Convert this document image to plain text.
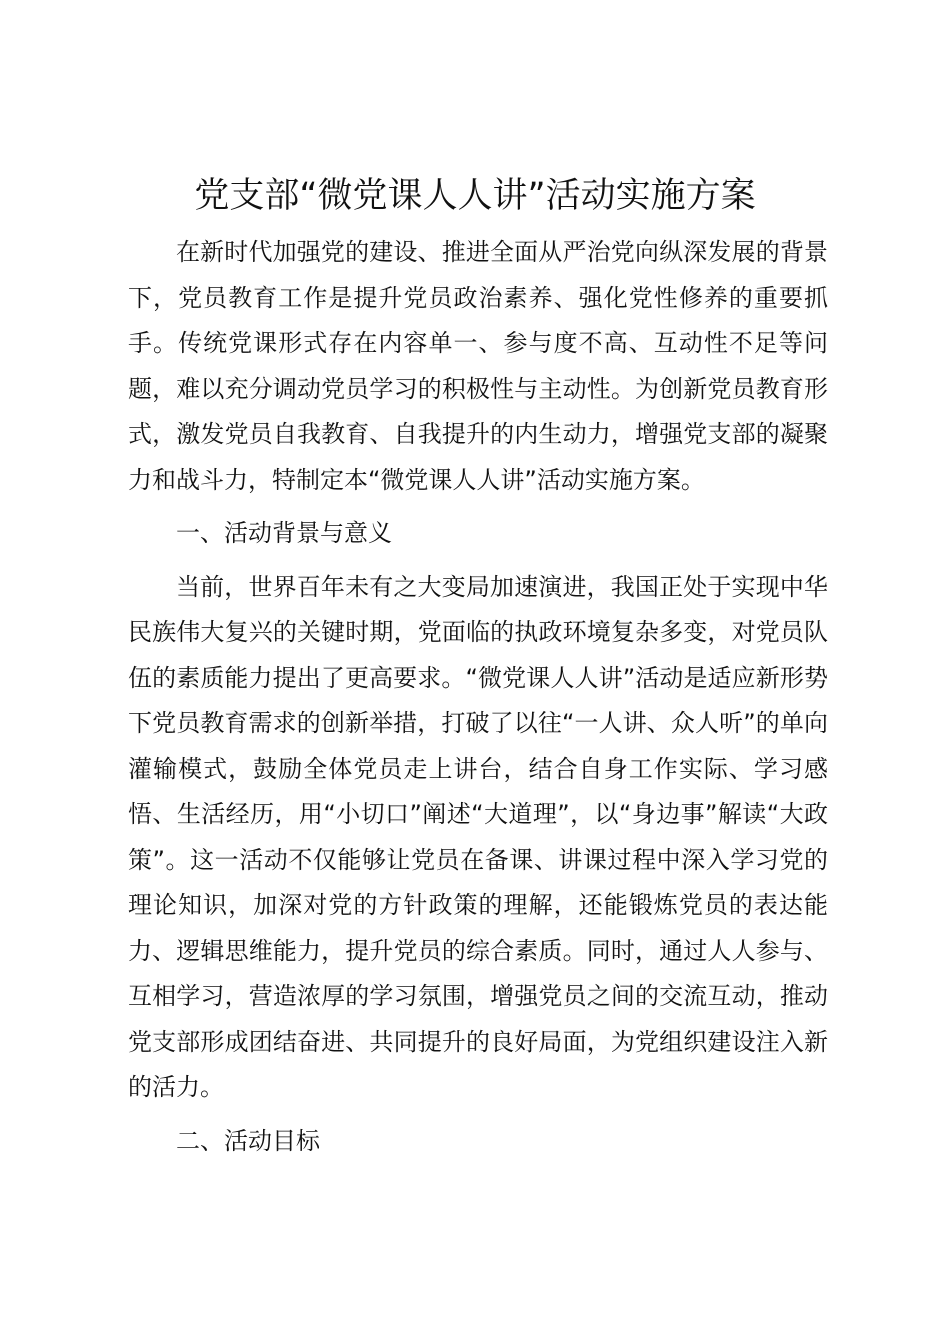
党支部“微党课人人讲”活动实施方案

在新时代加强党的建设、推进全面从严治党向纵深发展的背景下，党员教育工作是提升党员政治素养、强化党性修养的重要抓手。传统党课形式存在内容单一、参与度不高、互动性不足等问题，难以充分调动党员学习的积极性与主动性。为创新党员教育形式，激发党员自我教育、自我提升的内生动力，增强党支部的凝聚力和战斗力，特制定本“微党课人人讲”活动实施方案。

一、活动背景与意义

当前，世界百年未有之大变局加速演进，我国正处于实现中华民族伟大复兴的关键时期，党面临的执政环境复杂多变，对党员队伍的素质能力提出了更高要求。“微党课人人讲”活动是适应新形势下党员教育需求的创新举措，打破了以往“一人讲、众人听”的单向灌输模式，鼓励全体党员走上讲台，结合自身工作实际、学习感悟、生活经历，用“小切口”阐述“大道理”，以“身边事”解读“大政策”。这一活动不仅能够让党员在备课、讲课过程中深入学习党的理论知识，加深对党的方针政策的理解，还能锻炼党员的表达能力、逻辑思维能力，提升党员的综合素质。同时，通过人人参与、互相学习，营造浓厚的学习氛围，增强党员之间的交流互动，推动党支部形成团结奋进、共同提升的良好局面，为党组织建设注入新的活力。

二、活动目标
